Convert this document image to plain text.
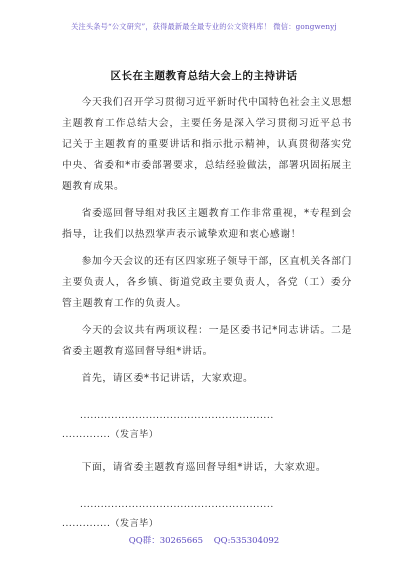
关注头条号“公文研究”，获得最新最全最专业的公文资料库！ 微信：gongwenyj
区长在主题教育总结大会上的主持讲话

今天我们召开学习贯彻习近平新时代中国特色社会主义思想主题教育工作总结大会，主要任务是深入学习贯彻习近平总书记关于主题教育的重要讲话和指示批示精神，认真贯彻落实党中央、省委和*市委部署要求，总结经验做法，部署巩固拓展主题教育成果。

省委巡回督导组对我区主题教育工作非常重视，*专程到会指导，让我们以热烈掌声表示诚挚欢迎和衷心感谢！

参加今天会议的还有区四家班子领导干部，区直机关各部门主要负责人，各乡镇、街道党政主要负责人，各党（工）委分管主题教育工作的负责人。

今天的会议共有两项议程：一是区委书记*同志讲话。二是省委主题教育巡回督导组*讲话。

首先，请区委*书记讲话，大家欢迎。

........................................................

..............（发言毕）

下面，请省委主题教育巡回督导组*讲话，大家欢迎。

........................................................

..............（发言毕）

QQ群：30265665 QQ:535304092
